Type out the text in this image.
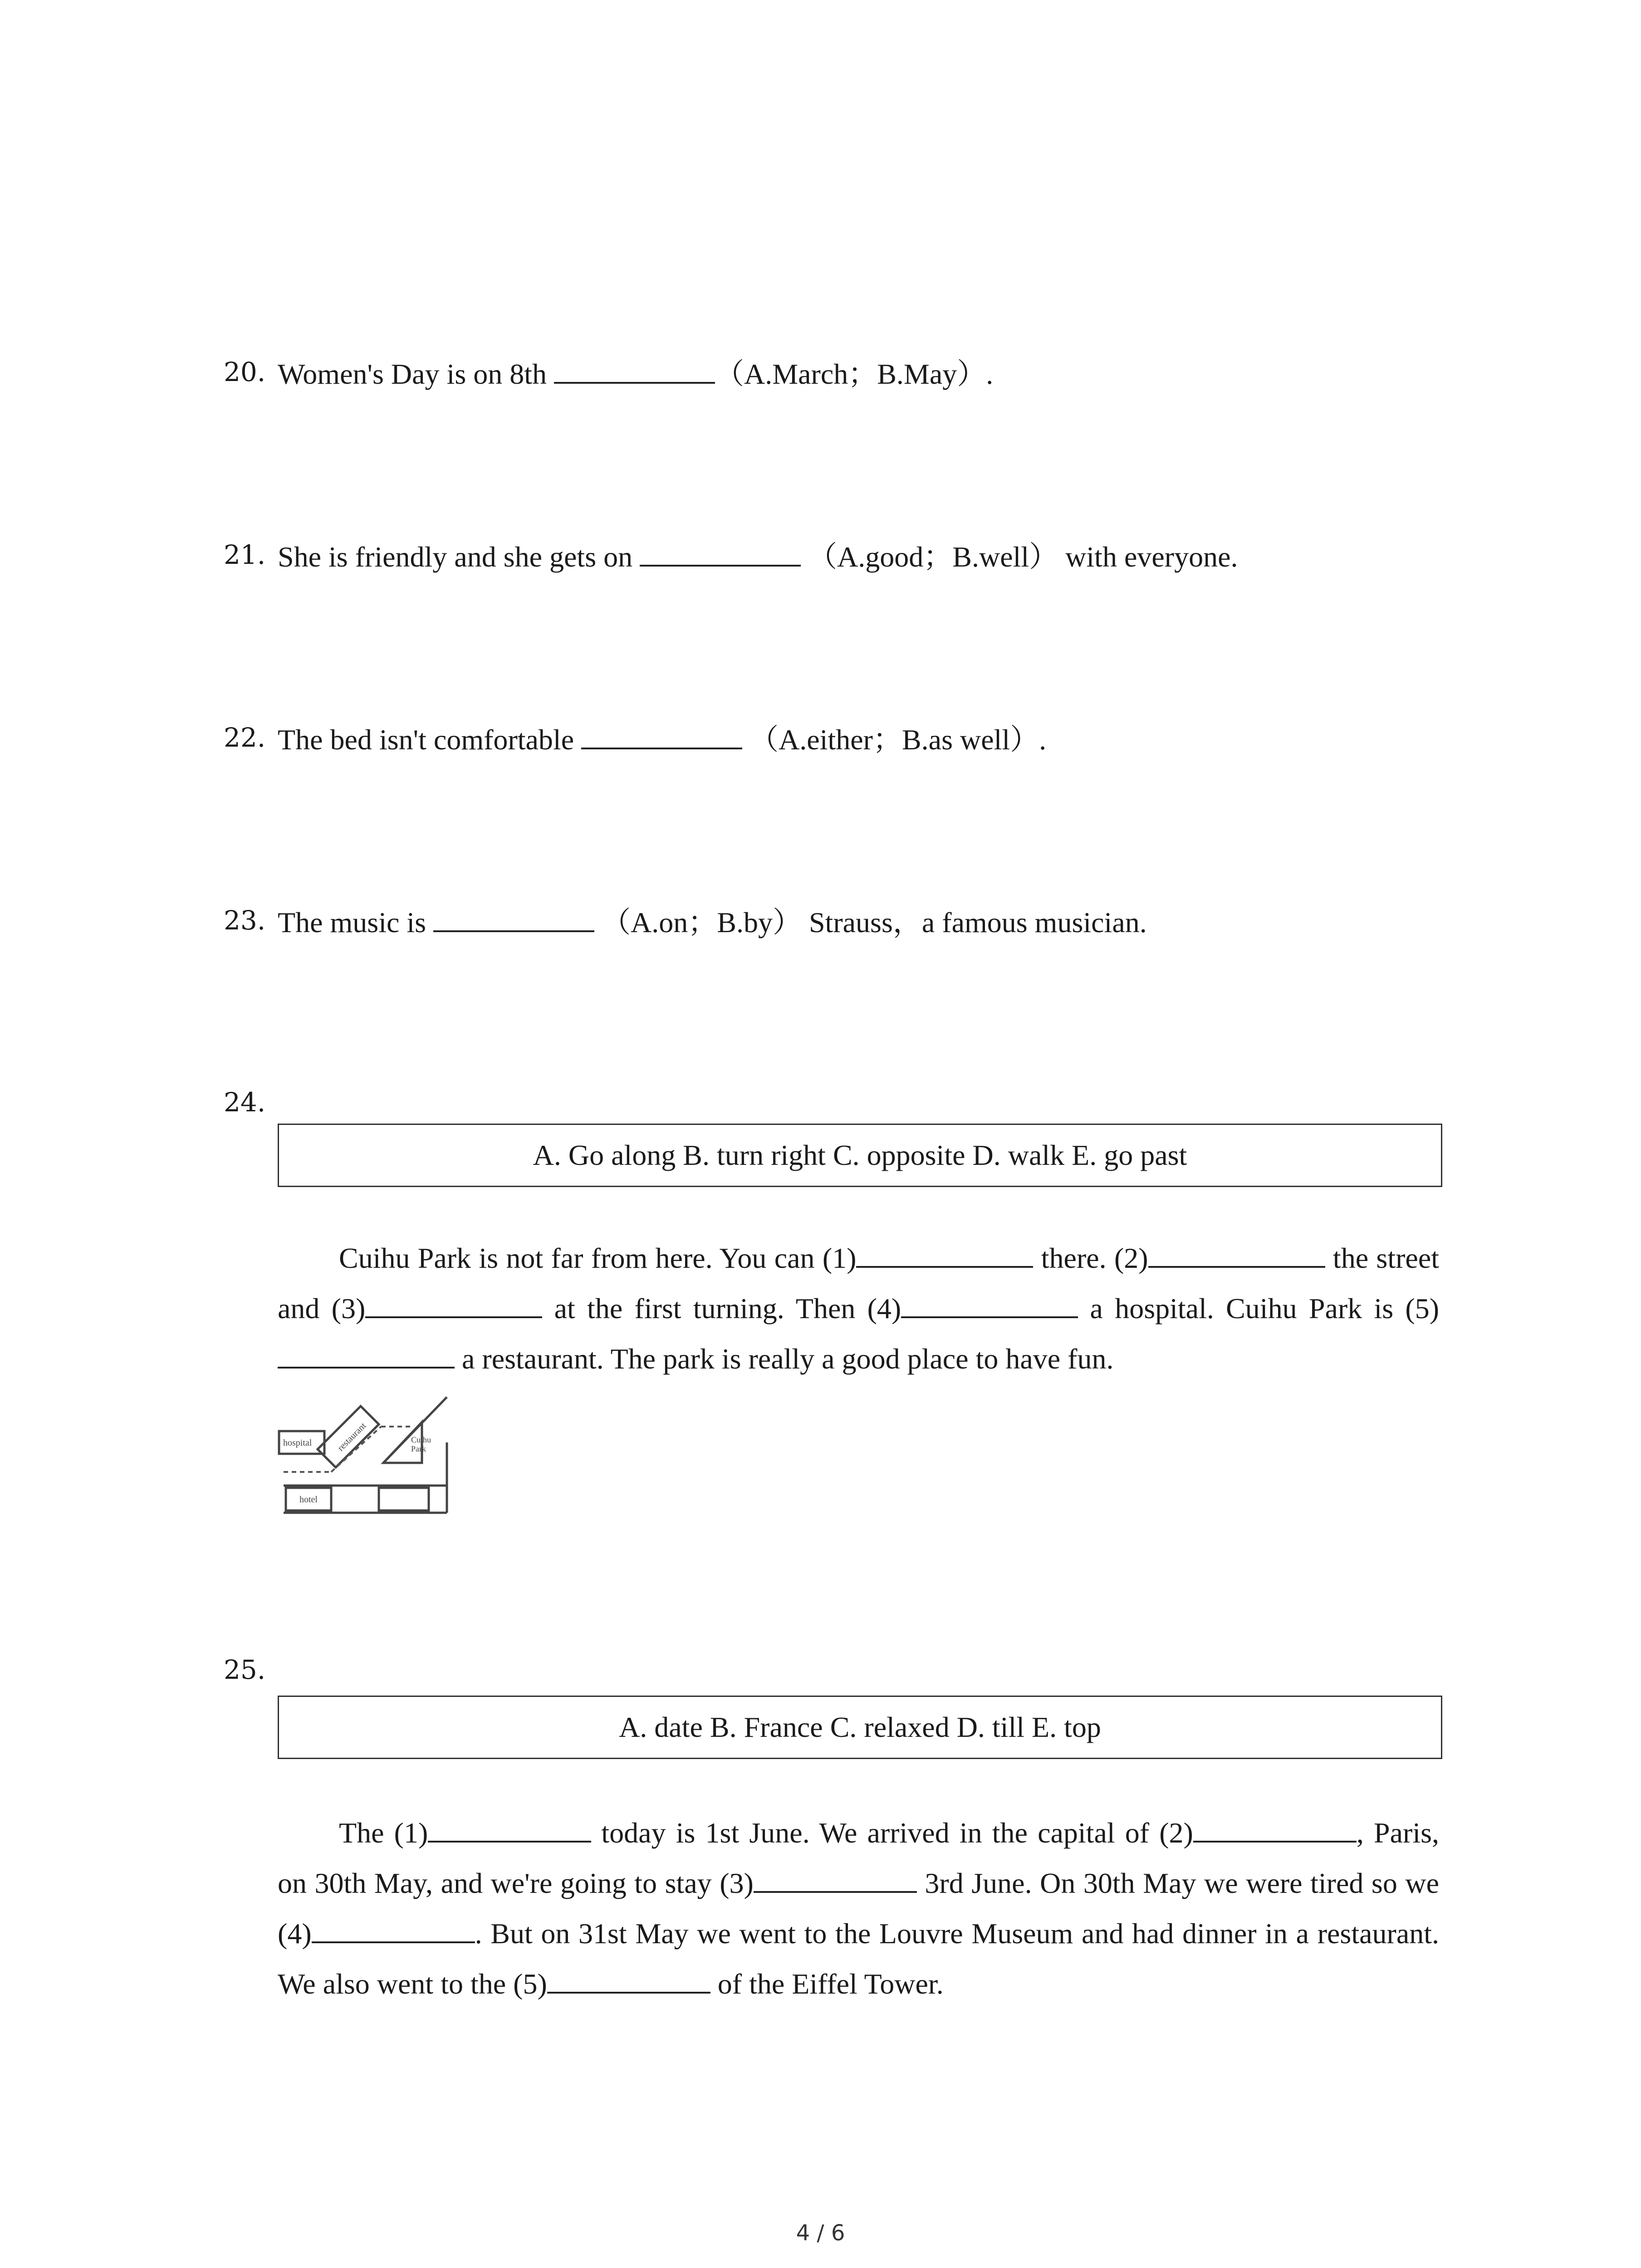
20. Women's Day is on 8th	（A.March；B.May）.
21. She is friendly and she gets on	（A.good；B.well） with everyone.
22. The bed isn't comfortable	（A.either；B.as well）.
23. The music is	（A.on；B.by） Strauss，a famous musician.
24.
A. Go along B. turn right C. opposite D. walk E. go past

Cuihu Park is not far from here. You can (1)	there. (2)	the street and (3)	at the first turning. Then (4)	a hospital. Cuihu Park is (5) a restaurant. The park is really a good place to have fun.

hospital	restaurant	Cuihu
Park
hotel
25.
A. date B. France C. relaxed D. till E. top

The (1)	today is 1st June. We arrived in the capital of (2)	, Paris, on 30th May, and we're going to stay (3)	3rd June. On 30th May we were tired so we (4)	. But on 31st May we went to the Louvre Museum and had dinner in a restaurant. We also went to the (5)	of the Eiffel Tower.

4 / 6
